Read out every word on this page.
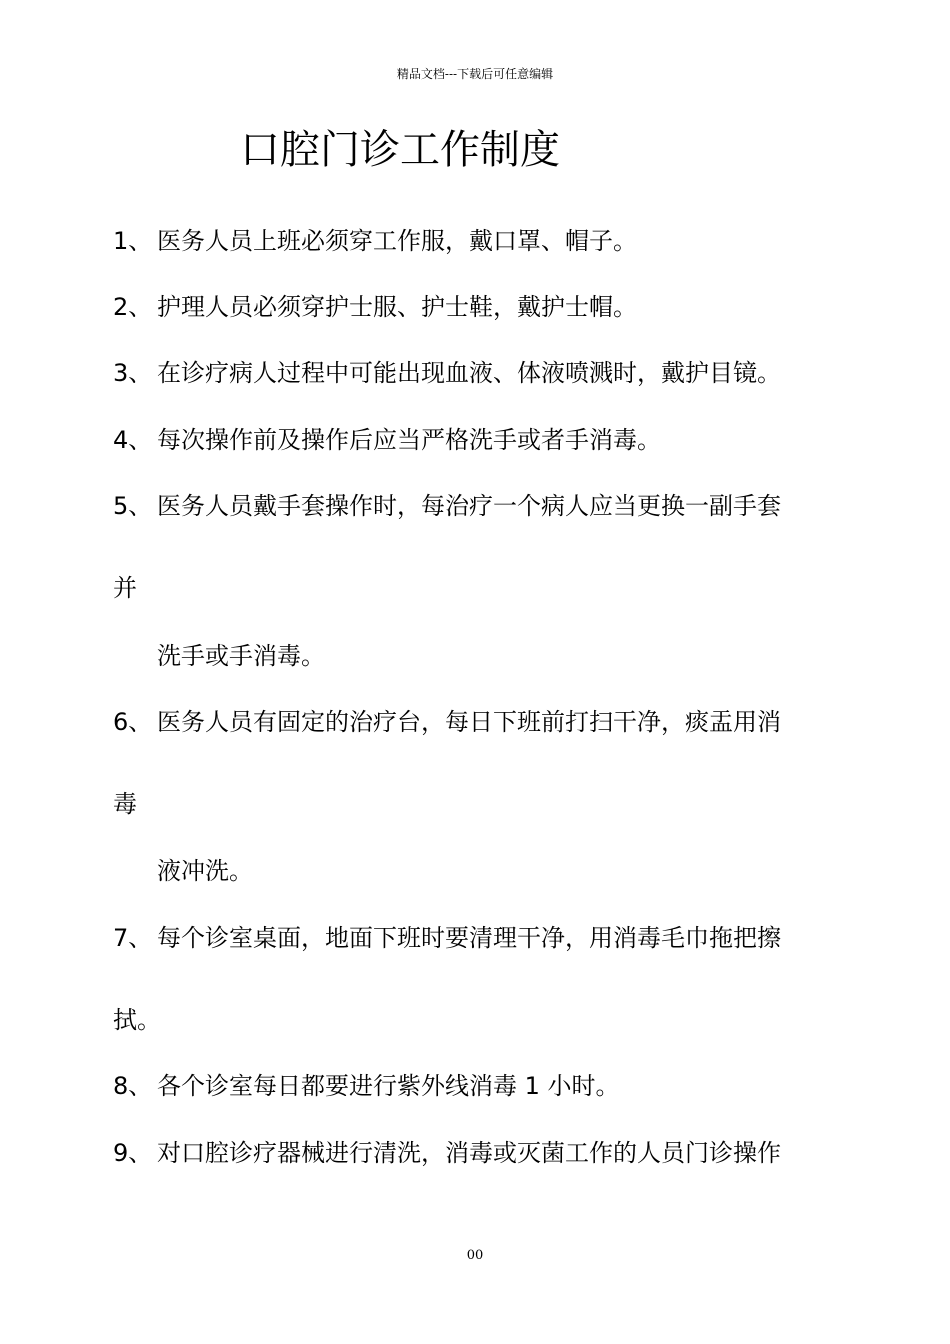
精品文档---下载后可任意编辑
口腔门诊工作制度
1、 医务人员上班必须穿工作服，戴口罩、帽子。
2、 护理人员必须穿护士服、护士鞋，戴护士帽。
3、 在诊疗病人过程中可能出现血液、体液喷溅时，戴护目镜。
4、 每次操作前及操作后应当严格洗手或者手消毒。
5、 医务人员戴手套操作时，每治疗一个病人应当更换一副手套
并
洗手或手消毒。
6、 医务人员有固定的治疗台，每日下班前打扫干净，痰盂用消
毒
液冲洗。
7、 每个诊室桌面，地面下班时要清理干净，用消毒毛巾拖把擦
拭。
8、 各个诊室每日都要进行紫外线消毒 1 小时。
9、 对口腔诊疗器械进行清洗，消毒或灭菌工作的人员门诊操作
00
